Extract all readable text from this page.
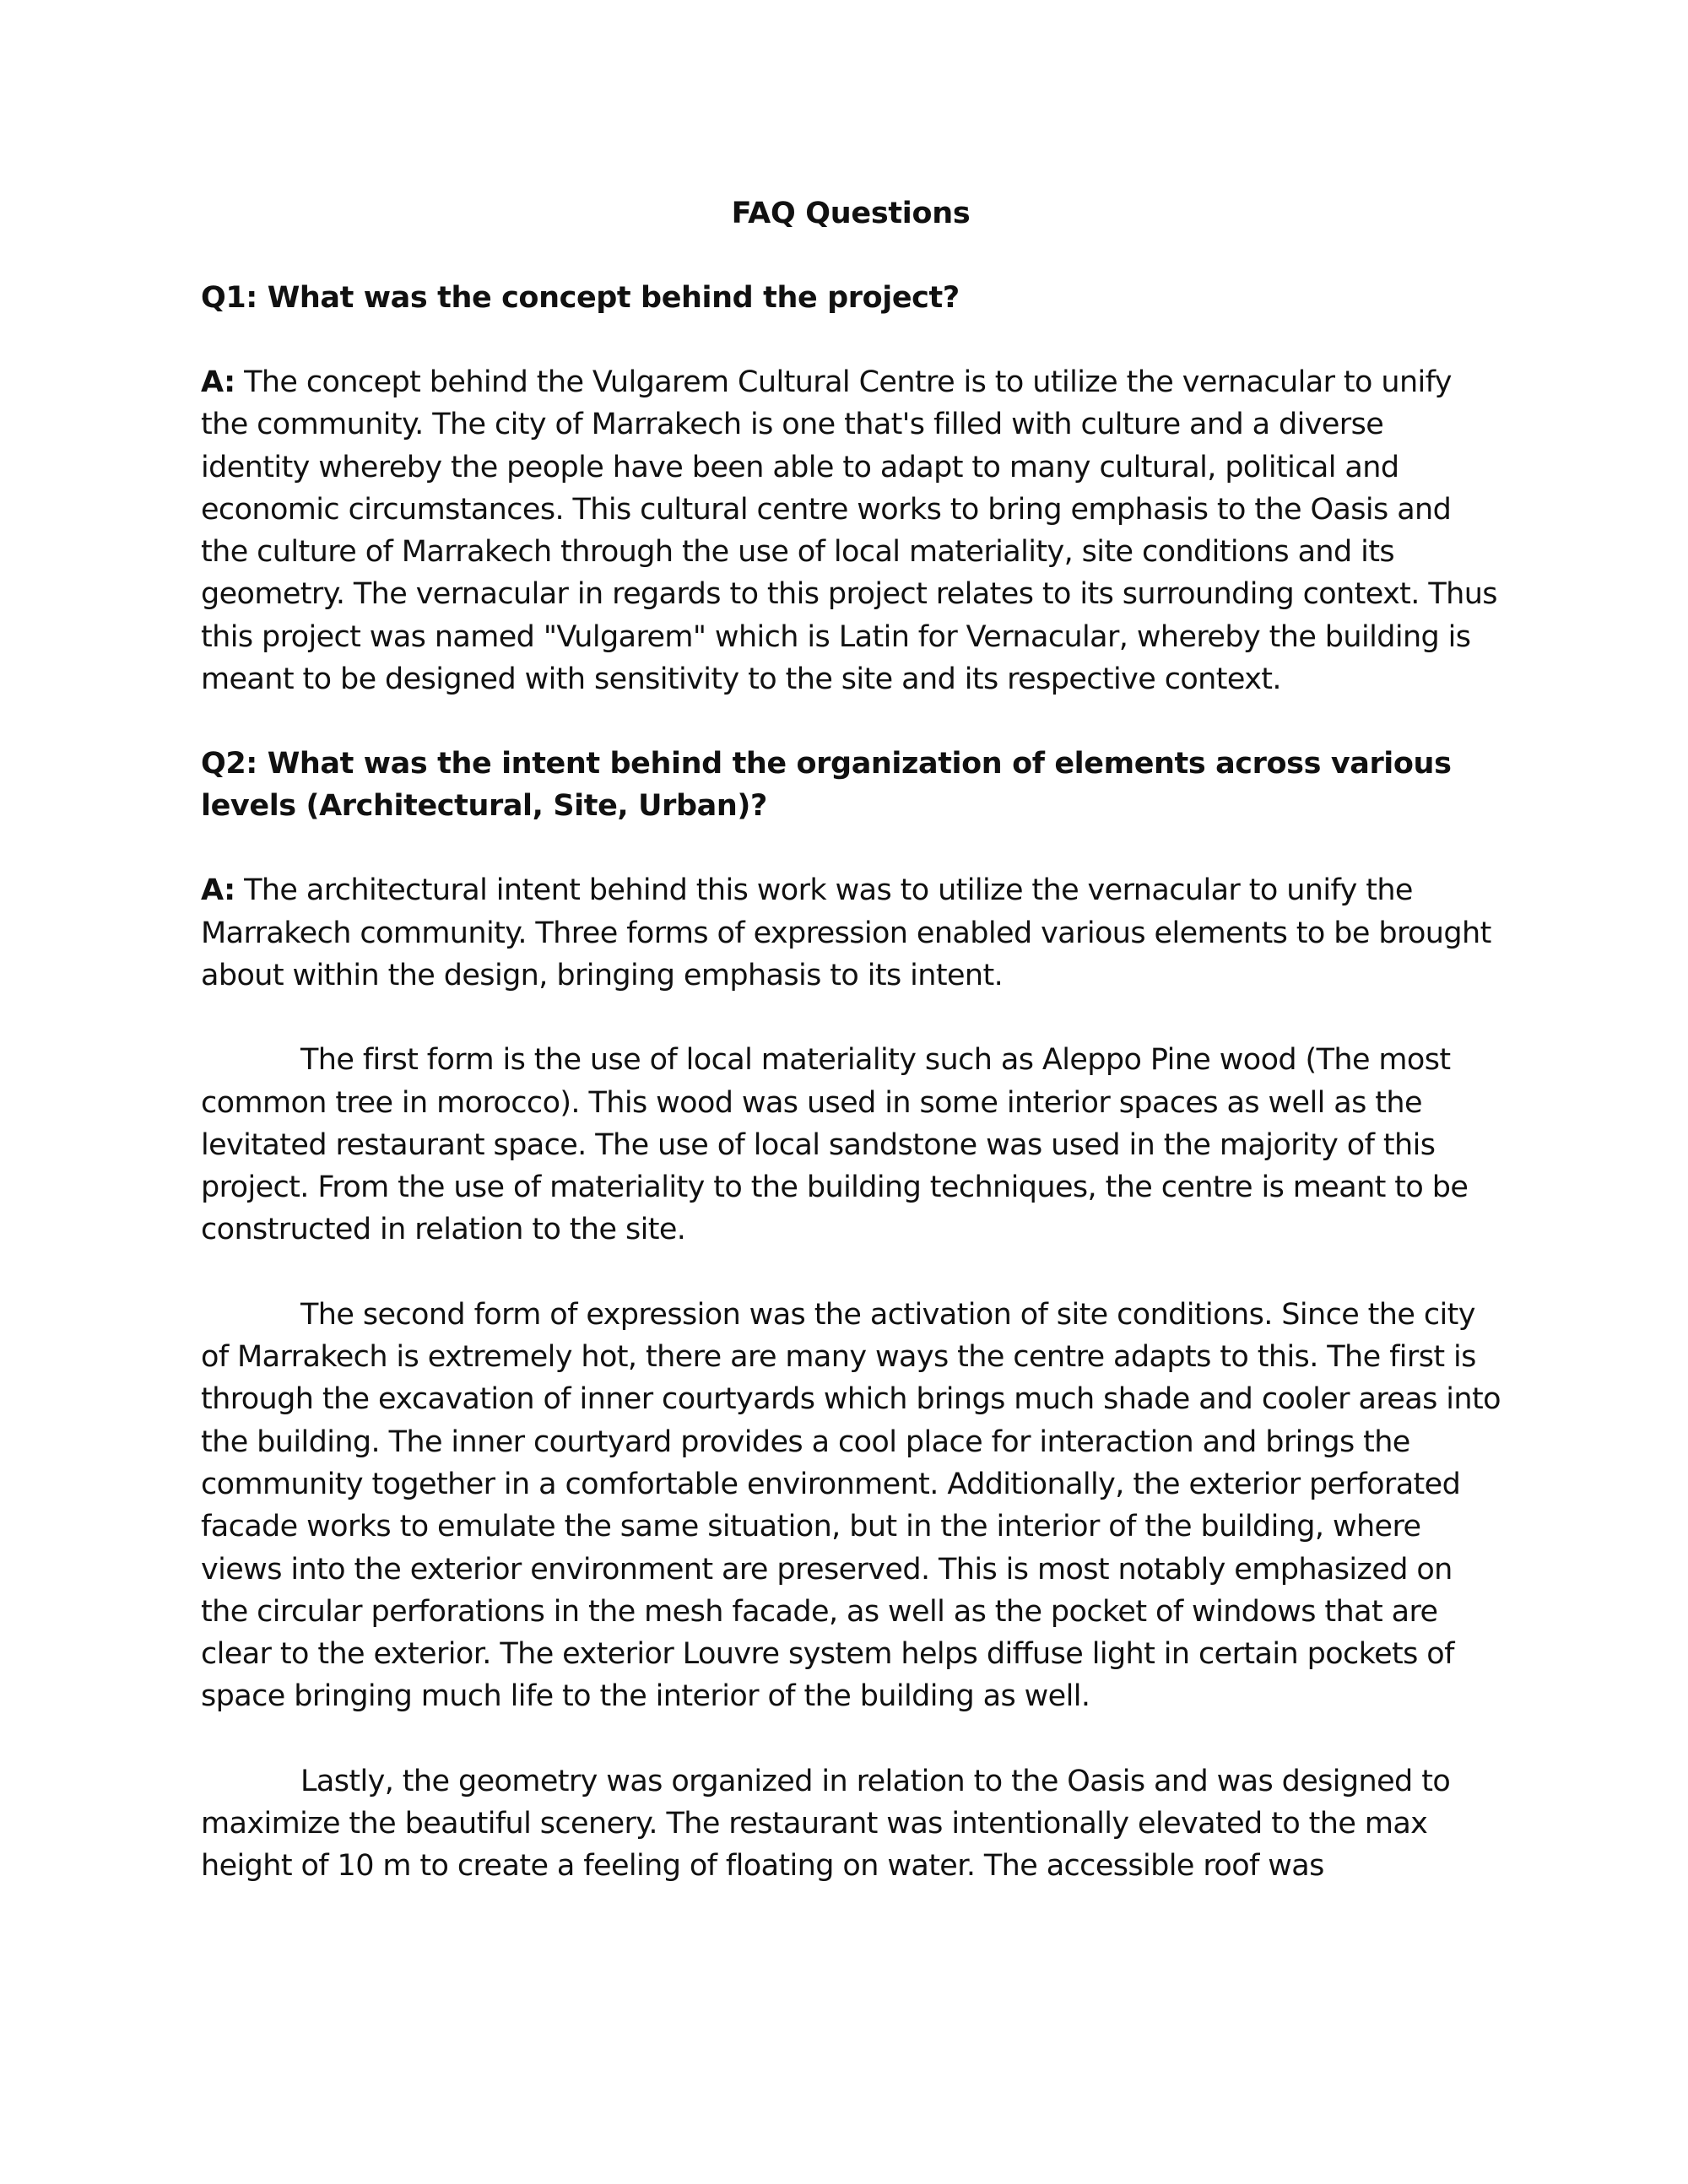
FAQ Questions
Q1: What was the concept behind the project?

A: The concept behind the Vulgarem Cultural Centre is to utilize the vernacular to unify the community. The city of Marrakech is one that's filled with culture and a diverse identity whereby the people have been able to adapt to many cultural, political and economic circumstances. This cultural centre works to bring emphasis to the Oasis and the culture of Marrakech through the use of local materiality, site conditions and its geometry. The vernacular in regards to this project relates to its surrounding context. Thus this project was named "Vulgarem" which is Latin for Vernacular, whereby the building is meant to be designed with sensitivity to the site and its respective context.

Q2: What was the intent behind the organization of elements across various levels (Architectural, Site, Urban)?

A: The architectural intent behind this work was to utilize the vernacular to unify the Marrakech community. Three forms of expression enabled various elements to be brought about within the design, bringing emphasis to its intent.

The first form is the use of local materiality such as Aleppo Pine wood (The most common tree in morocco). This wood was used in some interior spaces as well as the levitated restaurant space. The use of local sandstone was used in the majority of this project. From the use of materiality to the building techniques, the centre is meant to be constructed in relation to the site.

The second form of expression was the activation of site conditions. Since the city of Marrakech is extremely hot, there are many ways the centre adapts to this. The first is through the excavation of inner courtyards which brings much shade and cooler areas into the building. The inner courtyard provides a cool place for interaction and brings the community together in a comfortable environment. Additionally, the exterior perforated facade works to emulate the same situation, but in the interior of the building, where views into the exterior environment are preserved. This is most notably emphasized on the circular perforations in the mesh facade, as well as the pocket of windows that are clear to the exterior. The exterior Louvre system helps diffuse light in certain pockets of space bringing much life to the interior of the building as well.

Lastly, the geometry was organized in relation to the Oasis and was designed to maximize the beautiful scenery. The restaurant was intentionally elevated to the max height of 10 m to create a feeling of floating on water. The accessible roof was
